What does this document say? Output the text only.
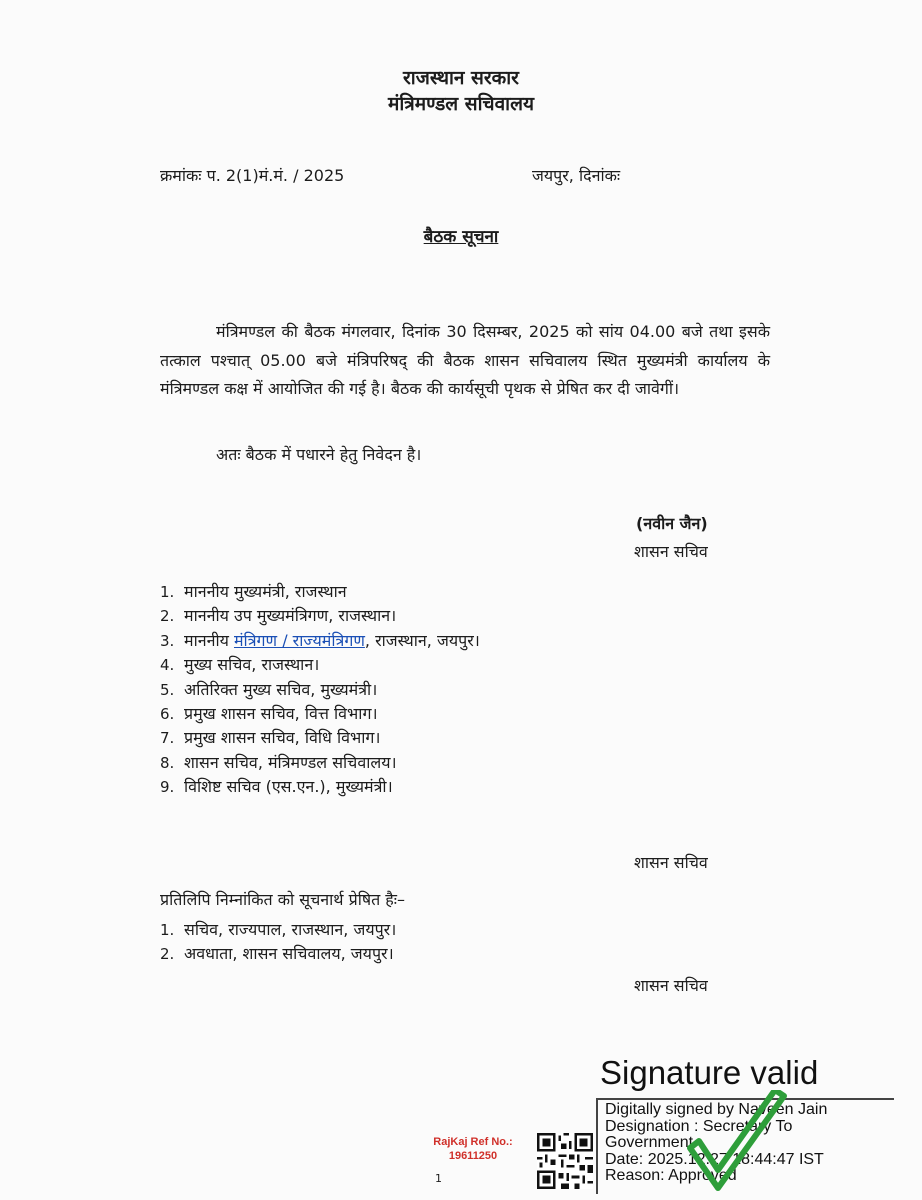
राजस्थान सरकार
मंत्रिमण्डल सचिवालय
क्रमांकः प. 2(1)मं.मं. / 2025	जयपुर, दिनांकः
बैठक सूचना
मंत्रिमण्डल की बैठक मंगलवार, दिनांक 30 दिसम्बर, 2025 को सांय 04.00 बजे तथा इसके तत्काल पश्चात् 05.00 बजे मंत्रिपरिषद् की बैठक शासन सचिवालय स्थित मुख्यमंत्री कार्यालय के मंत्रिमण्डल कक्ष में आयोजित की गई है। बैठक की कार्यसूची पृथक से प्रेषित कर दी जावेगीं।
अतः बैठक में पधारने हेतु निवेदन है।
(नवीन जैन)
शासन सचिव
1. माननीय मुख्यमंत्री, राजस्थान
2. माननीय उप मुख्यमंत्रिगण, राजस्थान।
3. माननीय मंत्रिगण / राज्यमंत्रिगण, राजस्थान, जयपुर।
4. मुख्य सचिव, राजस्थान।
5. अतिरिक्त मुख्य सचिव, मुख्यमंत्री।
6. प्रमुख शासन सचिव, वित्त विभाग।
7. प्रमुख शासन सचिव, विधि विभाग।
8. शासन सचिव, मंत्रिमण्डल सचिवालय।
9. विशिष्ट सचिव (एस.एन.), मुख्यमंत्री।
शासन सचिव
प्रतिलिपि निम्नांकित को सूचनार्थ प्रेषित हैः–
1. सचिव, राज्यपाल, राजस्थान, जयपुर।
2. अवधाता, शासन सचिवालय, जयपुर।
शासन सचिव
Signature valid
Digitally signed by Naveen Jain
Designation : Secretary To
Government
Date: 2025.12.27 18:44:47 IST
Reason: Approved
RajKaj Ref No.:
19611250
1
